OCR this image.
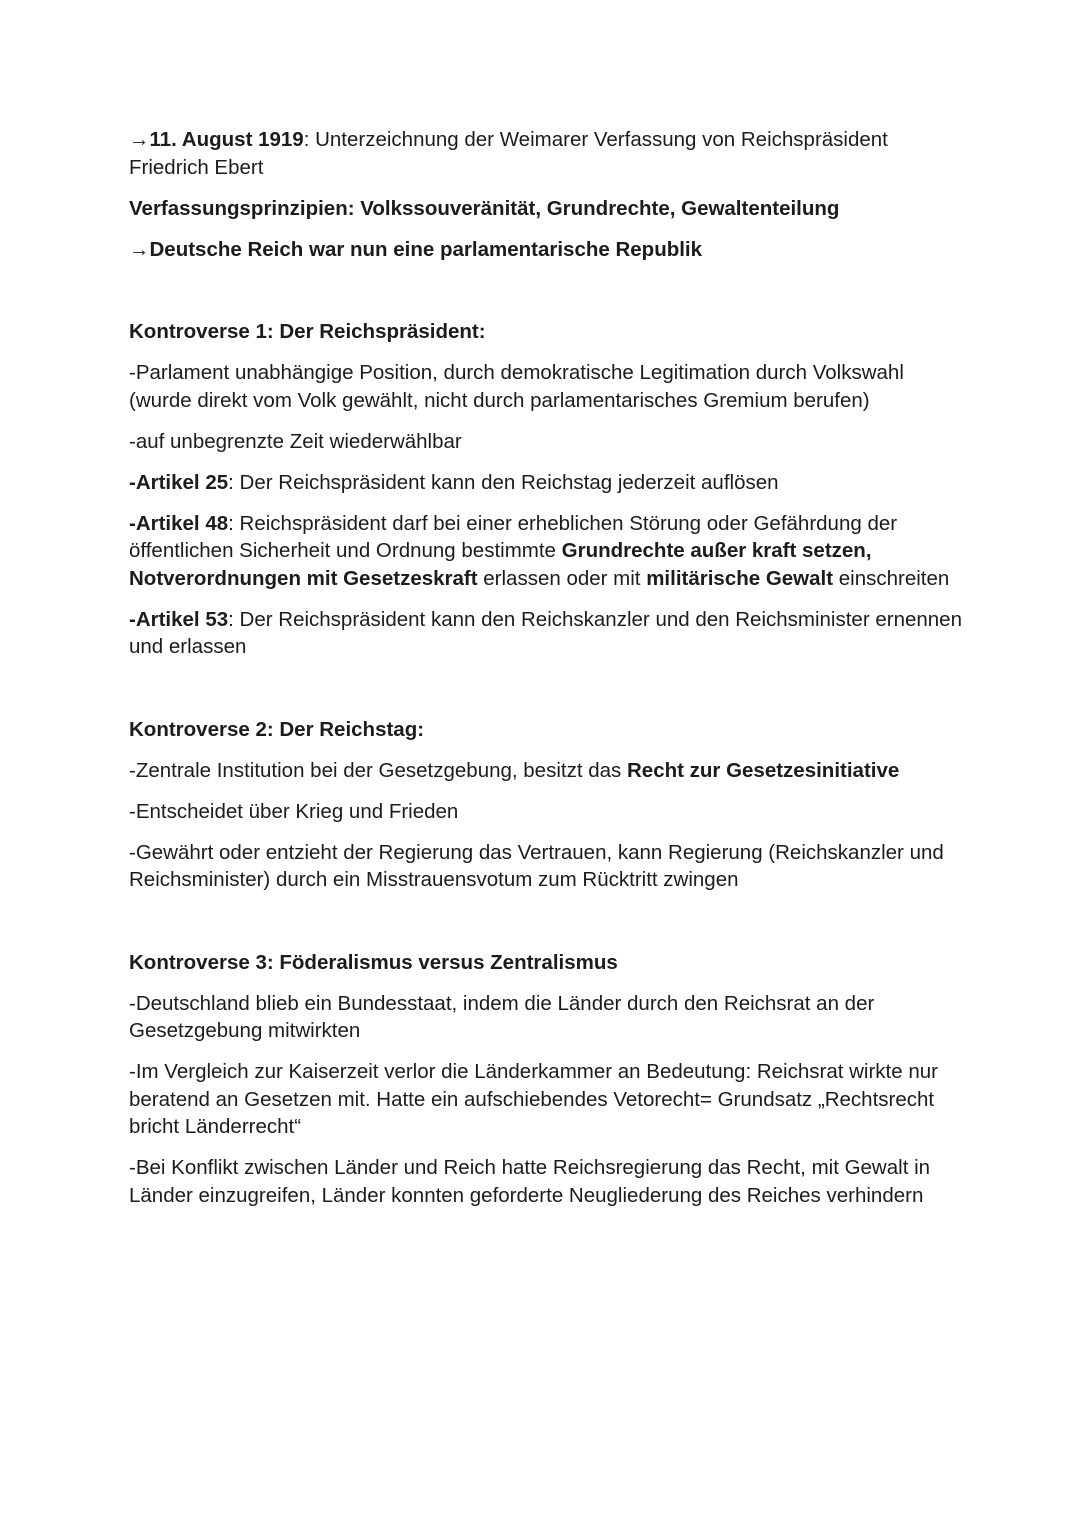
→11. August 1919: Unterzeichnung der Weimarer Verfassung von Reichspräsident Friedrich Ebert

Verfassungsprinzipien: Volkssouveränität, Grundrechte, Gewaltenteilung

→Deutsche Reich war nun eine parlamentarische Republik

Kontroverse 1: Der Reichspräsident:

-Parlament unabhängige Position, durch demokratische Legitimation durch Volkswahl (wurde direkt vom Volk gewählt, nicht durch parlamentarisches Gremium berufen)

-auf unbegrenzte Zeit wiederwählbar

-Artikel 25: Der Reichspräsident kann den Reichstag jederzeit auflösen

-Artikel 48: Reichspräsident darf bei einer erheblichen Störung oder Gefährdung der öffentlichen Sicherheit und Ordnung bestimmte Grundrechte außer kraft setzen, Notverordnungen mit Gesetzeskraft erlassen oder mit militärische Gewalt einschreiten

-Artikel 53: Der Reichspräsident kann den Reichskanzler und den Reichsminister ernennen und erlassen

Kontroverse 2: Der Reichstag:

-Zentrale Institution bei der Gesetzgebung, besitzt das Recht zur Gesetzesinitiative

-Entscheidet über Krieg und Frieden

-Gewährt oder entzieht der Regierung das Vertrauen, kann Regierung (Reichskanzler und Reichsminister) durch ein Misstrauensvotum zum Rücktritt zwingen

Kontroverse 3: Föderalismus versus Zentralismus

-Deutschland blieb ein Bundesstaat, indem die Länder durch den Reichsrat an der Gesetzgebung mitwirkten

-Im Vergleich zur Kaiserzeit verlor die Länderkammer an Bedeutung: Reichsrat wirkte nur beratend an Gesetzen mit. Hatte ein aufschiebendes Vetorecht= Grundsatz „Rechtsrecht bricht Länderrecht“

-Bei Konflikt zwischen Länder und Reich hatte Reichsregierung das Recht, mit Gewalt in Länder einzugreifen, Länder konnten geforderte Neugliederung des Reiches verhindern
